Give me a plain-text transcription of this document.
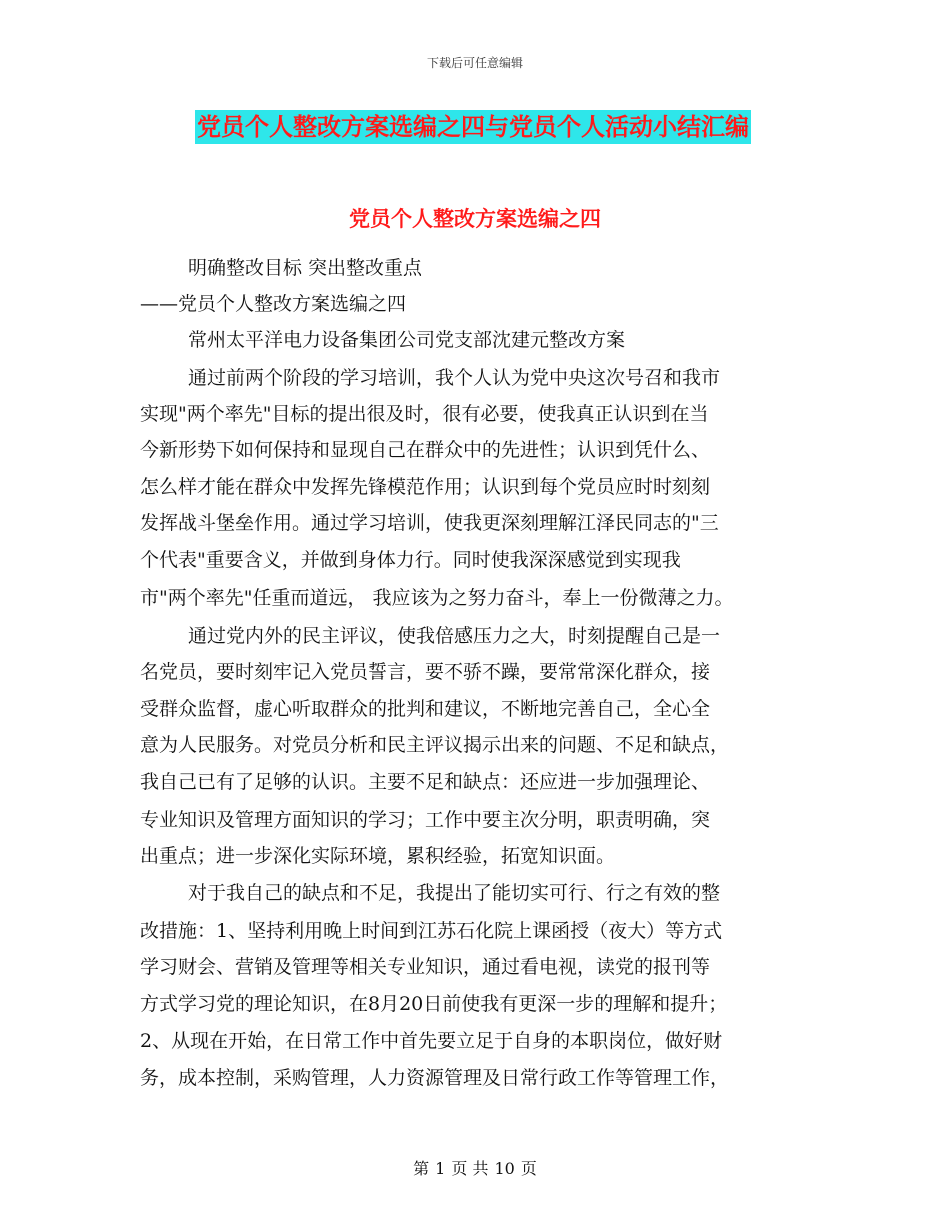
下载后可任意编辑
党员个人整改方案选编之四与党员个人活动小结汇编
党员个人整改方案选编之四
明确整改目标 突出整改重点
——党员个人整改方案选编之四
常州太平洋电力设备集团公司党支部沈建元整改方案
通过前两个阶段的学习培训，我个人认为党中央这次号召和我市
实现"两个率先"目标的提出很及时，很有必要，使我真正认识到在当
今新形势下如何保持和显现自己在群众中的先进性；认识到凭什么、
怎么样才能在群众中发挥先锋模范作用；认识到每个党员应时时刻刻
发挥战斗堡垒作用。通过学习培训，使我更深刻理解江泽民同志的"三
个代表"重要含义，并做到身体力行。同时使我深深感觉到实现我
市"两个率先"任重而道远， 我应该为之努力奋斗，奉上一份微薄之力。
通过党内外的民主评议，使我倍感压力之大，时刻提醒自己是一
名党员，要时刻牢记入党员誓言，要不骄不躁，要常常深化群众，接
受群众监督，虚心听取群众的批判和建议，不断地完善自己，全心全
意为人民服务。对党员分析和民主评议揭示出来的问题、不足和缺点，
我自己已有了足够的认识。主要不足和缺点：还应进一步加强理论、
专业知识及管理方面知识的学习；工作中要主次分明，职责明确，突
出重点；进一步深化实际环境，累积经验，拓宽知识面。
对于我自己的缺点和不足，我提出了能切实可行、行之有效的整
改措施：1、坚持利用晚上时间到江苏石化院上课函授（夜大）等方式
学习财会、营销及管理等相关专业知识，通过看电视，读党的报刊等
方式学习党的理论知识，在8月20日前使我有更深一步的理解和提升；
2、从现在开始，在日常工作中首先要立足于自身的本职岗位，做好财
务，成本控制，采购管理，人力资源管理及日常行政工作等管理工作，
第 1 页 共 10 页
